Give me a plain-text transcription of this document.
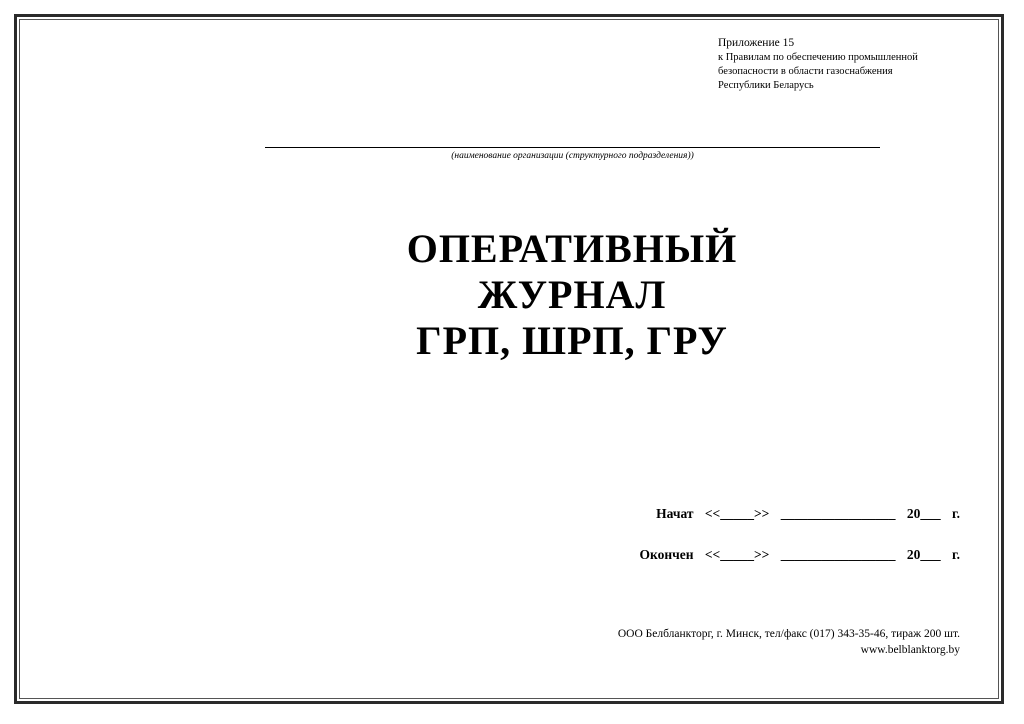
Приложение 15
к Правилам по обеспечению промышленной
безопасности в области газоснабжения
Республики Беларусь
(наименование организации (структурного подразделения))
ОПЕРАТИВНЫЙ
ЖУРНАЛ
ГРП, ШРП, ГРУ
Начат <<_____>> _________________ 20___ г.
Окончен <<_____>> _________________ 20___ г.
ООО Белбланкторг, г. Минск, тел/факс (017) 343-35-46, тираж 200 шт.
www.belblanktorg.by
